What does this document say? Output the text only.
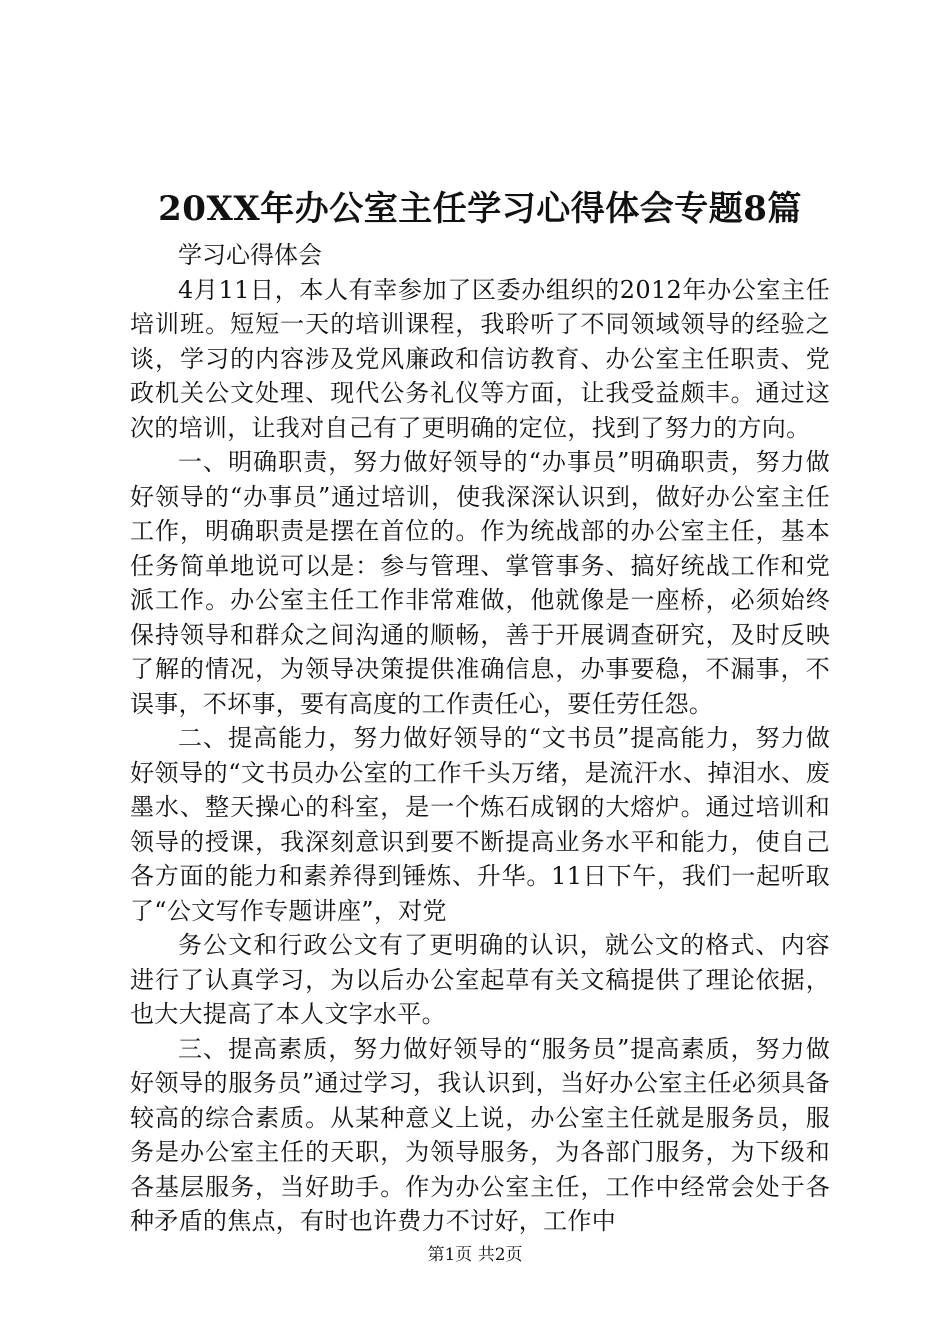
20XX年办公室主任学习心得体会专题8篇

学习心得体会

4月11日，本人有幸参加了区委办组织的2012年办公室主任培训班。短短一天的培训课程，我聆听了不同领域领导的经验之谈，学习的内容涉及党风廉政和信访教育、办公室主任职责、党政机关公文处理、现代公务礼仪等方面，让我受益颇丰。通过这次的培训，让我对自己有了更明确的定位，找到了努力的方向。

一、明确职责，努力做好领导的“办事员”明确职责，努力做好领导的“办事员”通过培训，使我深深认识到，做好办公室主任工作，明确职责是摆在首位的。作为统战部的办公室主任，基本任务简单地说可以是：参与管理、掌管事务、搞好统战工作和党派工作。办公室主任工作非常难做，他就像是一座桥，必须始终保持领导和群众之间沟通的顺畅，善于开展调查研究，及时反映了解的情况，为领导决策提供准确信息，办事要稳，不漏事，不误事，不坏事，要有高度的工作责任心，要任劳任怨。

二、提高能力，努力做好领导的“文书员”提高能力，努力做好领导的“文书员办公室的工作千头万绪，是流汗水、掉泪水、废墨水、整天操心的科室，是一个炼石成钢的大熔炉。通过培训和领导的授课，我深刻意识到要不断提高业务水平和能力，使自己各方面的能力和素养得到锤炼、升华。11日下午，我们一起听取了“公文写作专题讲座”，对党

务公文和行政公文有了更明确的认识，就公文的格式、内容进行了认真学习，为以后办公室起草有关文稿提供了理论依据，也大大提高了本人文字水平。

三、提高素质，努力做好领导的“服务员”提高素质，努力做好领导的服务员”通过学习，我认识到，当好办公室主任必须具备较高的综合素质。从某种意义上说，办公室主任就是服务员，服务是办公室主任的天职，为领导服务，为各部门服务，为下级和各基层服务，当好助手。作为办公室主任，工作中经常会处于各种矛盾的焦点，有时也许费力不讨好，工作中

第1页 共2页
